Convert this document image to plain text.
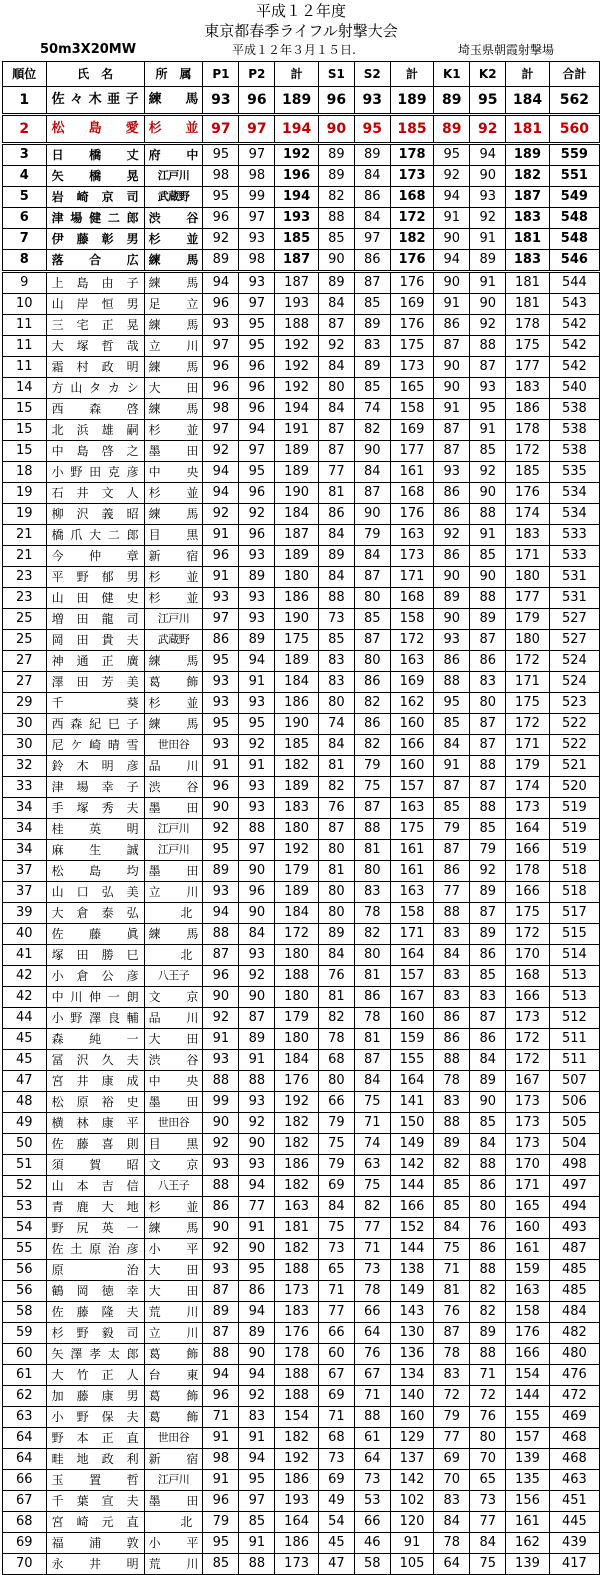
平成１２年度
東京都春季ライフル射撃大会
50m3X20MW	平成１２年３月１５日.	埼玉県朝霞射撃場
順位	氏　名	所　属	P1	P2	計	S1	S2	計	K1	K2	計	合計
1	佐々木亜子	練馬	93	96	189	96	93	189	89	95	184	562
2	松島愛	杉並	97	97	194	90	95	185	89	92	181	560
3	日橋丈	府中	95	97	192	89	89	178	95	94	189	559
4	矢橋晃	江戸川	98	98	196	89	84	173	92	90	182	551
5	岩崎京司	武蔵野	95	99	194	82	86	168	94	93	187	549
6	津場健二郎	渋谷	96	97	193	88	84	172	91	92	183	548
7	伊藤彰男	杉並	92	93	185	85	97	182	90	91	181	548
8	落合広	練馬	89	98	187	90	86	176	94	89	183	546
9	上島由子	練馬	94	93	187	89	87	176	90	91	181	544
10	山岸恒男	足立	96	97	193	84	85	169	91	90	181	543
11	三宅正晃	練馬	93	95	188	87	89	176	86	92	178	542
11	大塚哲哉	立川	97	95	192	92	83	175	87	88	175	542
11	霜村政明	練馬	96	96	192	84	89	173	90	87	177	542
14	方山タカシ	大田	96	96	192	80	85	165	90	93	183	540
15	西森啓	練馬	98	96	194	84	74	158	91	95	186	538
15	北浜雄嗣	杉並	97	94	191	87	82	169	87	91	178	538
15	中島啓之	墨田	92	97	189	87	90	177	87	85	172	538
18	小野田克彦	中央	94	95	189	77	84	161	93	92	185	535
19	石井文人	杉並	94	96	190	81	87	168	86	90	176	534
19	柳沢義昭	練馬	92	92	184	86	90	176	86	88	174	534
21	橋爪大二郎	目黒	91	96	187	84	79	163	92	91	183	533
21	今仲章	新宿	96	93	189	89	84	173	86	85	171	533
23	平野郁男	杉並	91	89	180	84	87	171	90	90	180	531
23	山田健史	杉並	93	93	186	88	80	168	89	88	177	531
25	増田龍司	江戸川	97	93	190	73	85	158	90	89	179	527
25	岡田貴夫	武蔵野	86	89	175	85	87	172	93	87	180	527
27	神通正廣	練馬	95	94	189	83	80	163	86	86	172	524
27	澤田芳美	葛飾	93	91	184	83	86	169	88	83	171	524
29	千葵	杉並	93	93	186	80	82	162	95	80	175	523
30	西森紀巳子	練馬	95	95	190	74	86	160	85	87	172	522
30	尼ケ崎晴雪	世田谷	93	92	185	84	82	166	84	87	171	522
32	鈴木明彦	品川	91	91	182	81	79	160	91	88	179	521
33	津場幸子	渋谷	96	93	189	82	75	157	87	87	174	520
34	手塚秀夫	墨田	90	93	183	76	87	163	85	88	173	519
34	桂英明	江戸川	92	88	180	87	88	175	79	85	164	519
34	麻生誠	江戸川	95	97	192	80	81	161	87	79	166	519
37	松島均	墨田	89	90	179	81	80	161	86	92	178	518
37	山口弘美	立川	93	96	189	80	83	163	77	89	166	518
39	大倉泰弘	北	94	90	184	80	78	158	88	87	175	517
40	佐藤眞	練馬	88	84	172	89	82	171	83	89	172	515
41	塚田勝巳	北	87	93	180	84	80	164	84	86	170	514
42	小倉公彦	八王子	96	92	188	76	81	157	83	85	168	513
42	中川伸一朗	文京	90	90	180	81	86	167	83	83	166	513
44	小野澤良輔	品川	92	87	179	82	78	160	86	87	173	512
45	森純一	大田	91	89	180	78	81	159	86	86	172	511
45	冨沢久夫	渋谷	93	91	184	68	87	155	88	84	172	511
47	宮井康成	中央	88	88	176	80	84	164	78	89	167	507
48	松原裕史	墨田	99	93	192	66	75	141	83	90	173	506
49	横林康平	世田谷	90	92	182	79	71	150	88	85	173	505
50	佐藤喜則	目黒	92	90	182	75	74	149	89	84	173	504
51	須賀昭	文京	93	93	186	79	63	142	82	88	170	498
52	山本吉信	八王子	88	94	182	69	75	144	85	86	171	497
53	青鹿大地	杉並	86	77	163	84	82	166	85	80	165	494
54	野尻英一	練馬	90	91	181	75	77	152	84	76	160	493
55	佐土原治彦	小平	92	90	182	73	71	144	75	86	161	487
56	原治	大田	93	95	188	65	73	138	71	88	159	485
56	鶴岡徳幸	大田	87	86	173	71	78	149	81	82	163	485
58	佐藤隆夫	荒川	89	94	183	77	66	143	76	82	158	484
59	杉野毅司	立川	87	89	176	66	64	130	87	89	176	482
60	矢澤孝太郎	葛飾	88	90	178	60	76	136	78	88	166	480
61	大竹正人	台東	94	94	188	67	67	134	83	71	154	476
62	加藤康男	葛飾	96	92	188	69	71	140	72	72	144	472
63	小野保夫	葛飾	71	83	154	71	88	160	79	76	155	469
64	野本正直	世田谷	91	91	182	68	61	129	77	80	157	468
64	畦地政利	新宿	98	94	192	73	64	137	69	70	139	468
66	玉置哲	江戸川	91	95	186	69	73	142	70	65	135	463
67	千葉宣夫	墨田	96	97	193	49	53	102	83	73	156	451
68	宮崎元直	北	79	85	164	54	66	120	84	77	161	445
69	福浦敦	小平	95	91	186	45	46	91	78	84	162	439
70	永井明	荒川	85	88	173	47	58	105	64	75	139	417
